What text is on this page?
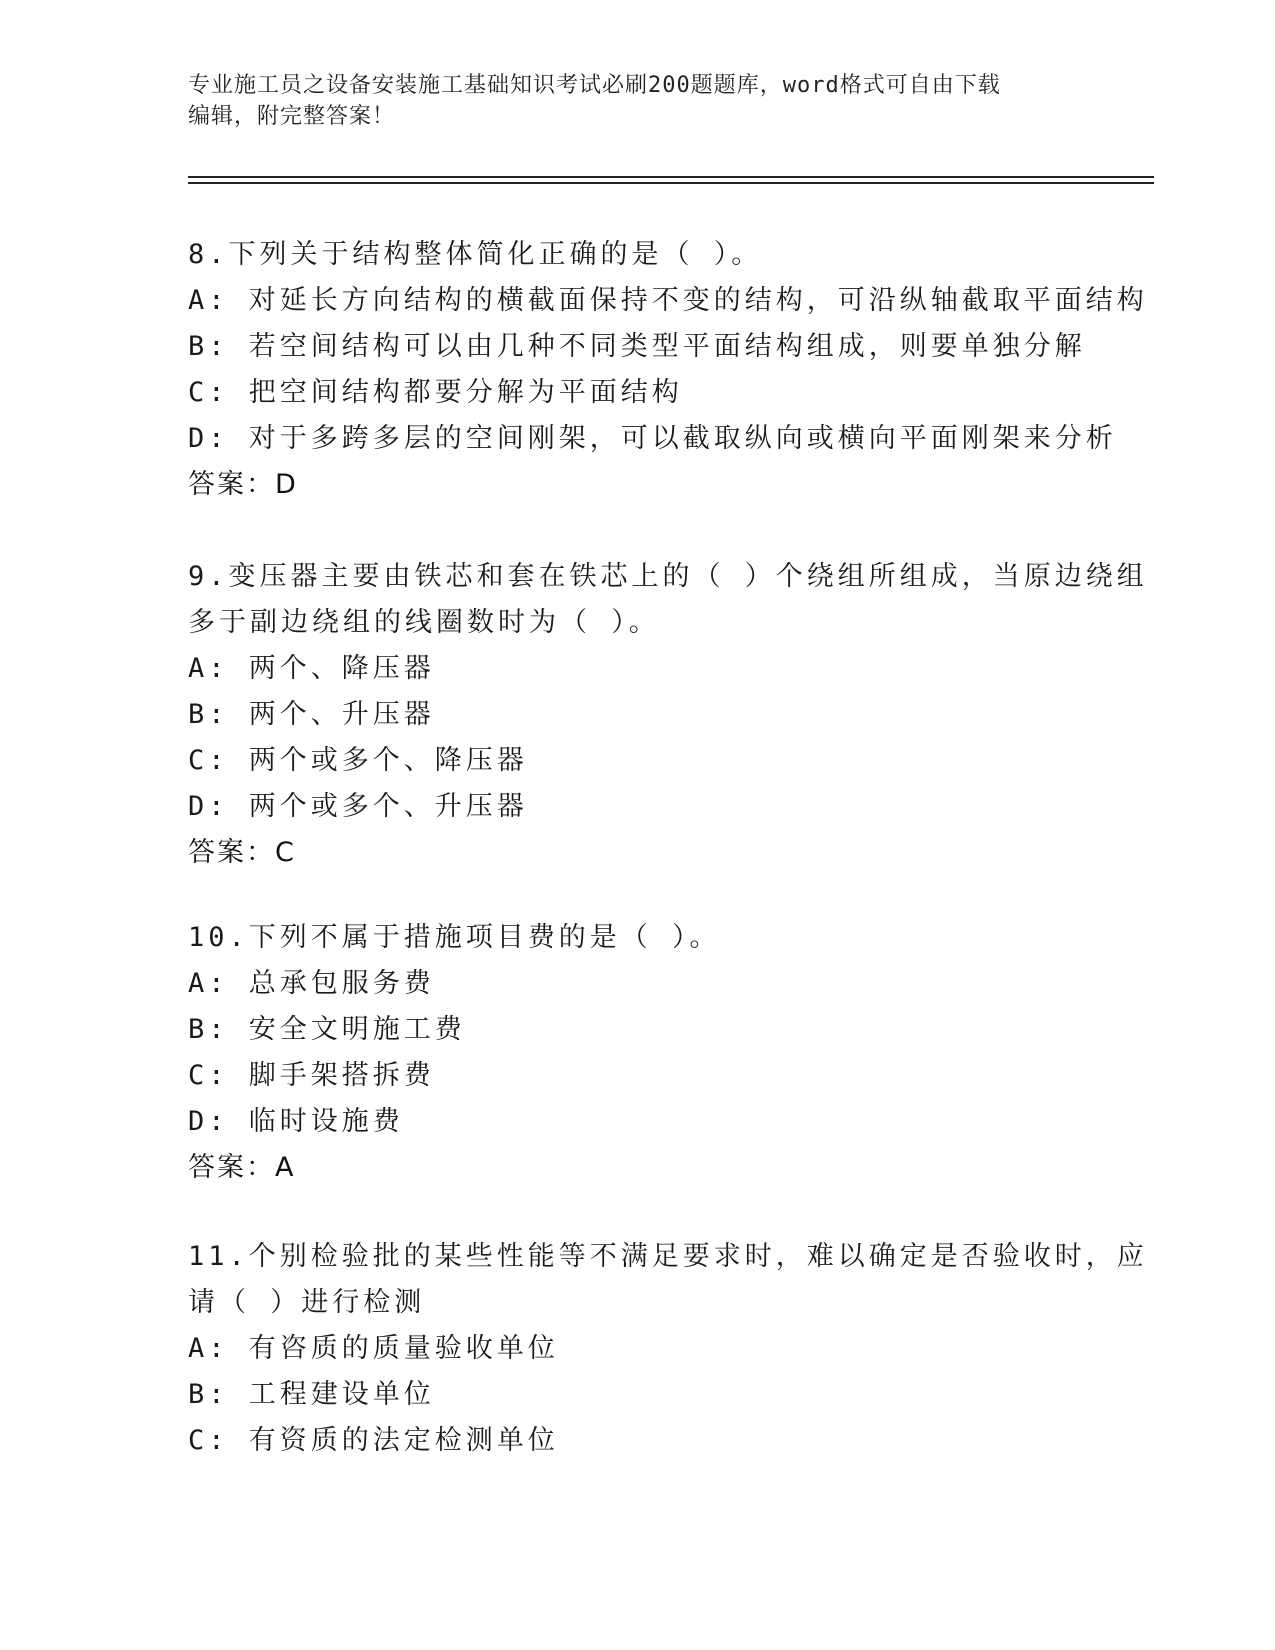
专业施工员之设备安装施工基础知识考试必刷200题题库，word格式可自由下载
编辑，附完整答案！
8.下列关于结构整体简化正确的是（ ）。
A: 对延长方向结构的横截面保持不变的结构，可沿纵轴截取平面结构
B: 若空间结构可以由几种不同类型平面结构组成，则要单独分解
C: 把空间结构都要分解为平面结构
D: 对于多跨多层的空间刚架，可以截取纵向或横向平面刚架来分析
答案：D
9.变压器主要由铁芯和套在铁芯上的（ ）个绕组所组成，当原边绕组
多于副边绕组的线圈数时为（ ）。
A: 两个、降压器
B: 两个、升压器
C: 两个或多个、降压器
D: 两个或多个、升压器
答案：C
10.下列不属于措施项目费的是（ ）。
A: 总承包服务费
B: 安全文明施工费
C: 脚手架搭拆费
D: 临时设施费
答案：A
11.个别检验批的某些性能等不满足要求时，难以确定是否验收时，应
请（ ）进行检测
A: 有咨质的质量验收单位
B: 工程建设单位
C: 有资质的法定检测单位
